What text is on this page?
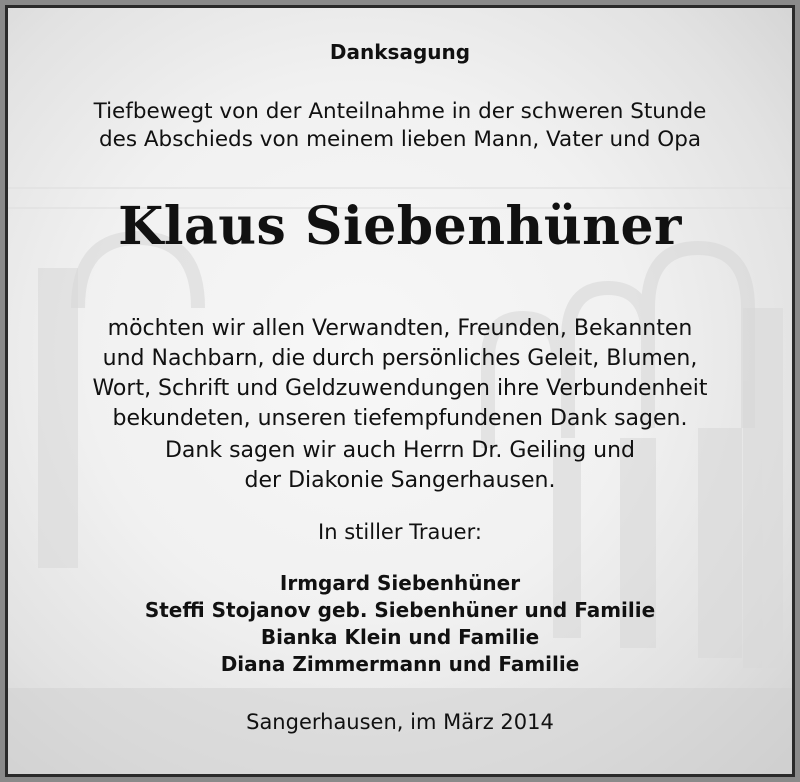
Danksagung
Tiefbewegt von der Anteilnahme in der schweren Stunde
des Abschieds von meinem lieben Mann, Vater und Opa
Klaus Siebenhüner
möchten wir allen Verwandten, Freunden, Bekannten
und Nachbarn, die durch persönliches Geleit, Blumen,
Wort, Schrift und Geldzuwendungen ihre Verbundenheit
bekundeten, unseren tiefempfundenen Dank sagen.
Dank sagen wir auch Herrn Dr. Geiling und
der Diakonie Sangerhausen.
In stiller Trauer:
Irmgard Siebenhüner
Steffi Stojanov geb. Siebenhüner und Familie
Bianka Klein und Familie
Diana Zimmermann und Familie
Sangerhausen, im März 2014
